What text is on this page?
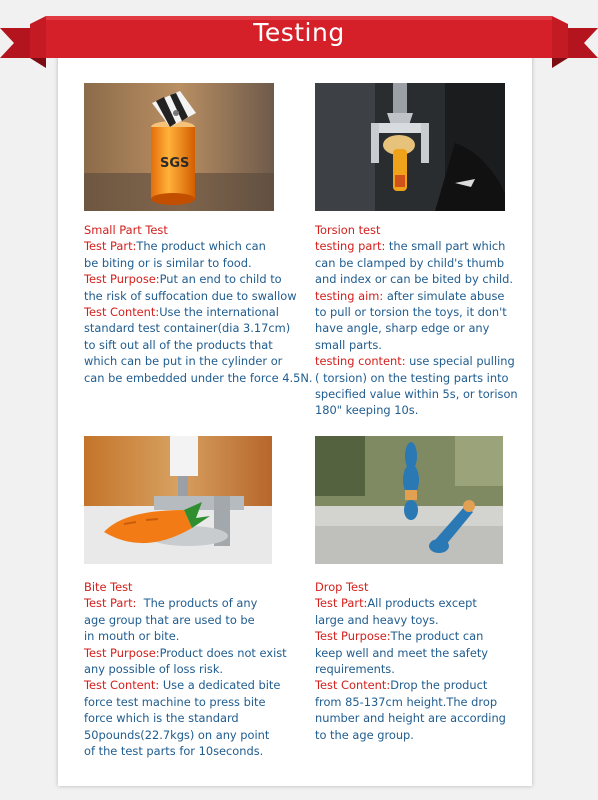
Testing
SGS
Small Part Test
Test Part:The product which can
be biting or is similar to food.
Test Purpose:Put an end to child to
the risk of suffocation due to swallow
Test Content:Use the international
standard test container(dia 3.17cm)
to sift out all of the products that
which can be put in the cylinder or
can be embedded under the force 4.5N.
Torsion test
testing part: the small part which
can be clamped by child's thumb
and index or can be bited by child.
testing aim: after simulate abuse
to pull or torsion the toys, it don't
have angle, sharp edge or any
small parts.
testing content: use special pulling
( torsion) on the testing parts into
specified value within 5s, or torison
180" keeping 10s.
Bite Test
Test Part:  The products of any
age group that are used to be
in mouth or bite.
Test Purpose:Product does not exist
any possible of loss risk.
Test Content: Use a dedicated bite
force test machine to press bite
force which is the standard
50pounds(22.7kgs) on any point
of the test parts for 10seconds.
Drop Test
Test Part:All products except
large and heavy toys.
Test Purpose:The product can
keep well and meet the safety
requirements.
Test Content:Drop the product
from 85-137cm height.The drop
number and height are according
to the age group.
